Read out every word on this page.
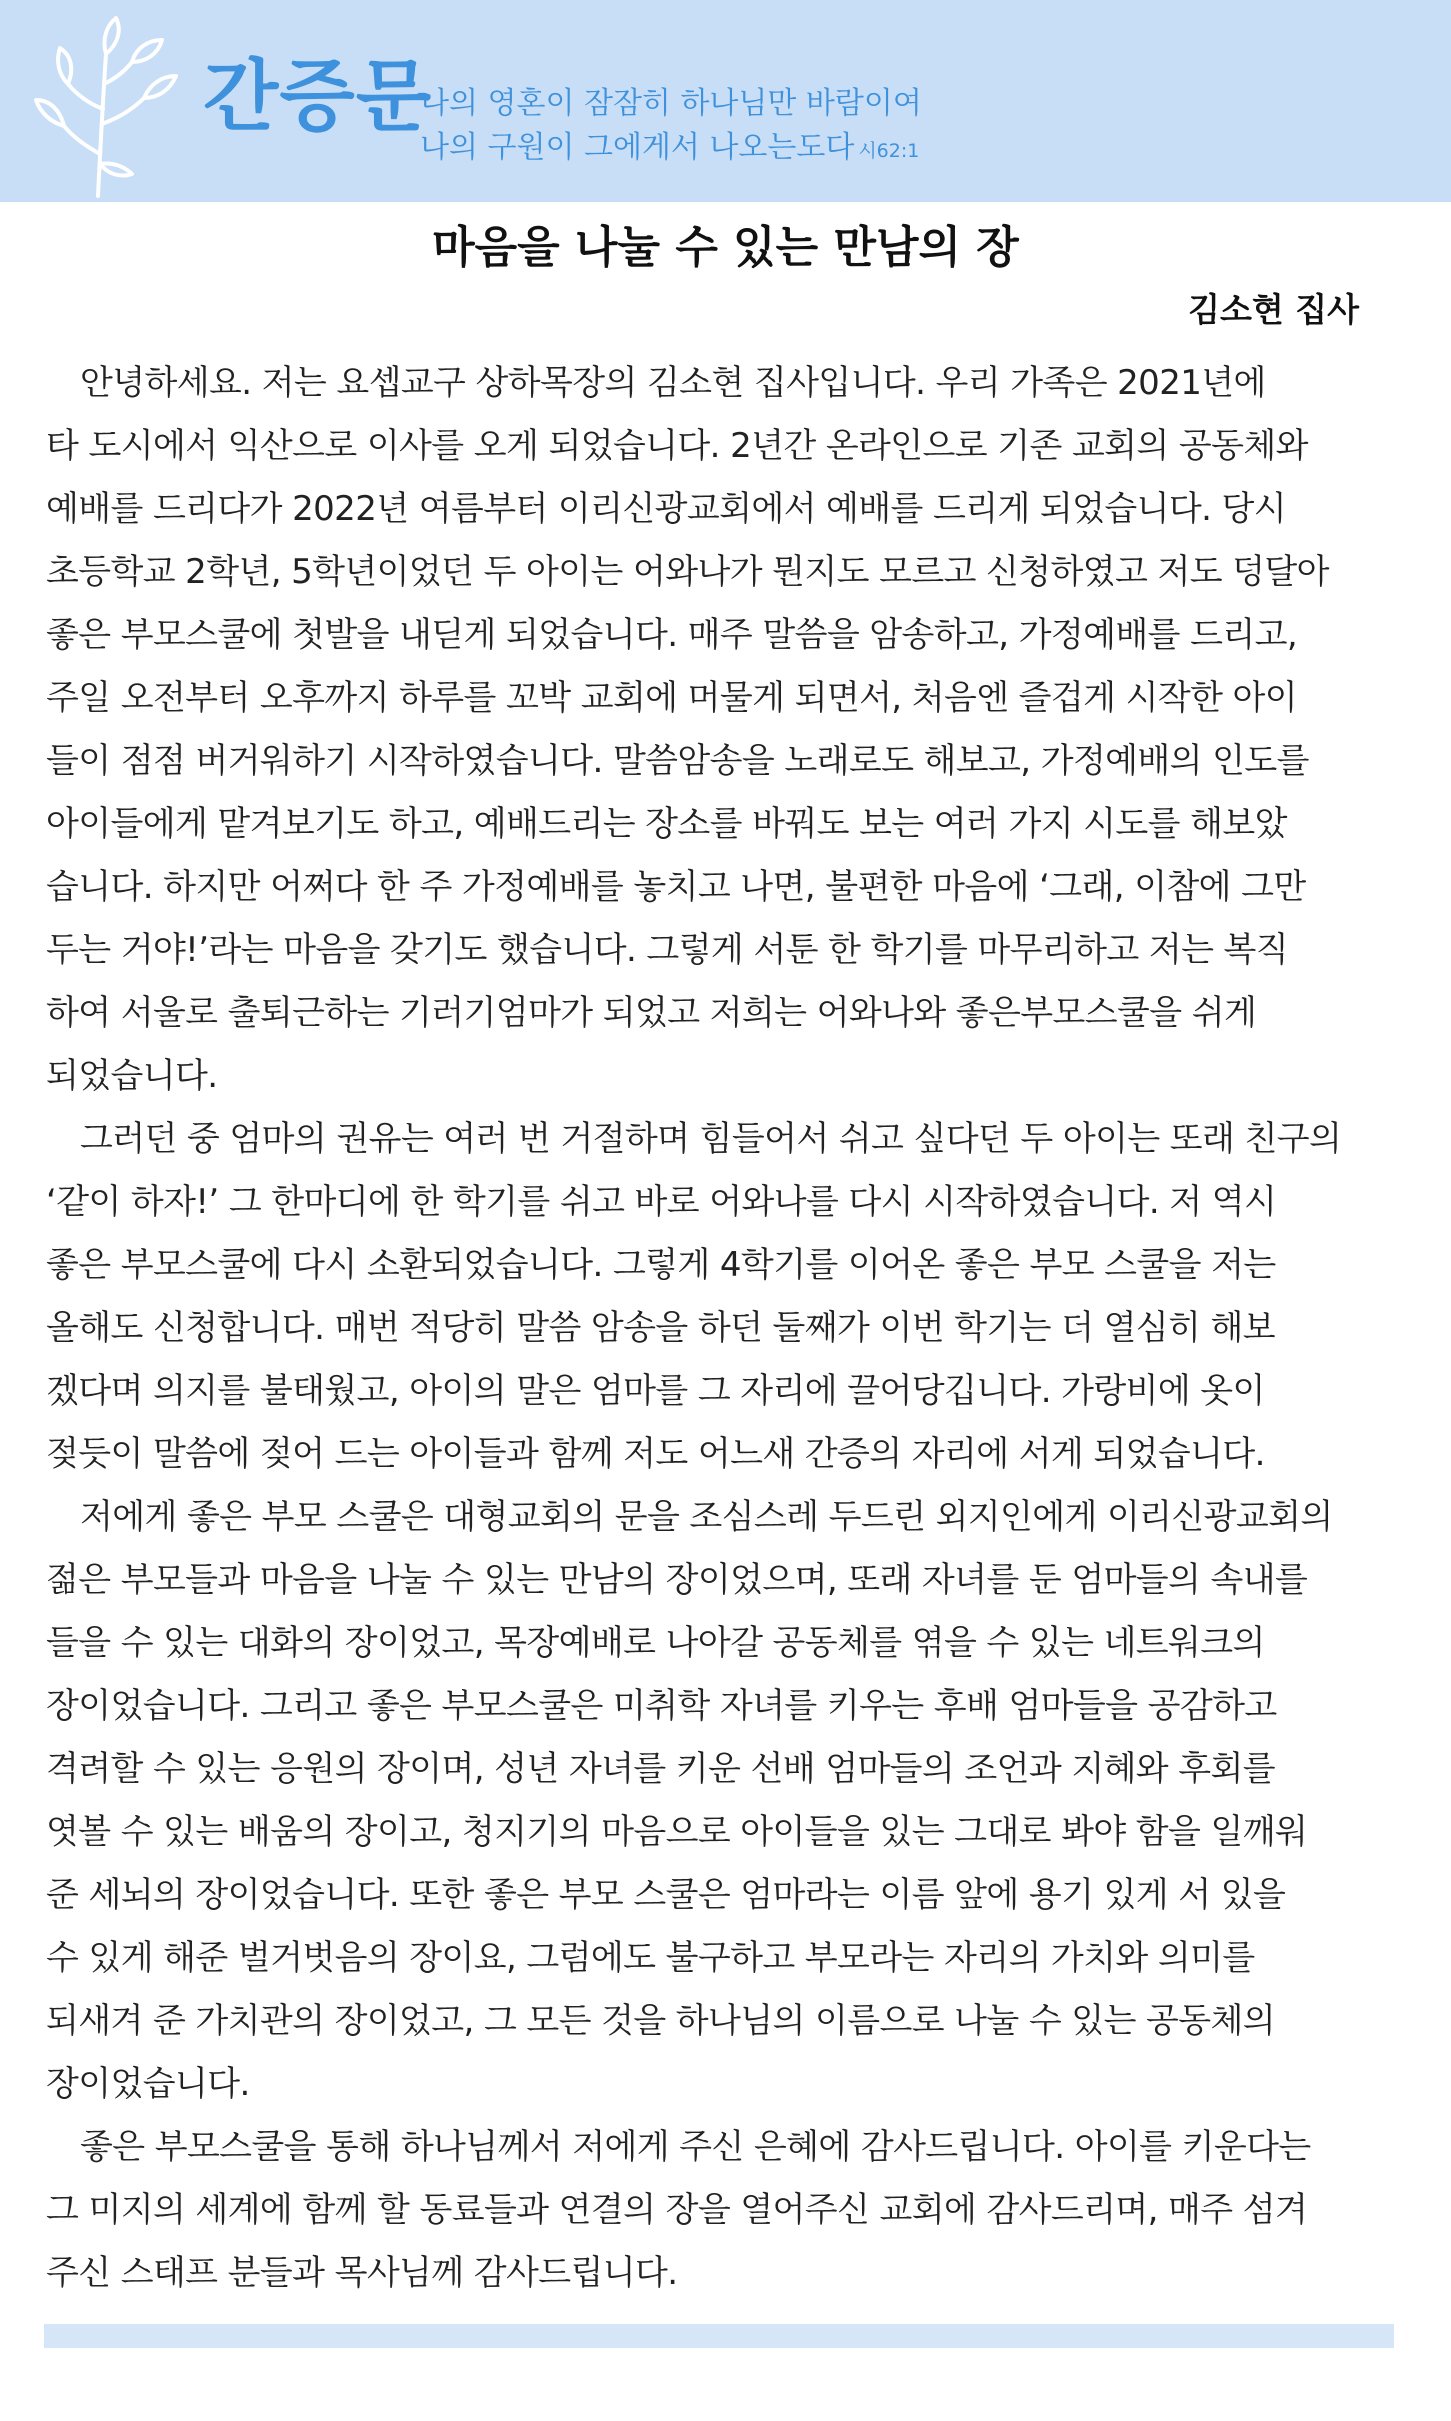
간증문
나의 영혼이 잠잠히 하나님만 바람이여
나의 구원이 그에게서 나오는도다 시62:1
마음을 나눌 수 있는 만남의 장
김소현 집사
안녕하세요. 저는 요셉교구 상하목장의 김소현 집사입니다. 우리 가족은 2021년에
타 도시에서 익산으로 이사를 오게 되었습니다. 2년간 온라인으로 기존 교회의 공동체와
예배를 드리다가 2022년 여름부터 이리신광교회에서 예배를 드리게 되었습니다. 당시
초등학교 2학년, 5학년이었던 두 아이는 어와나가 뭔지도 모르고 신청하였고 저도 덩달아
좋은 부모스쿨에 첫발을 내딛게 되었습니다. 매주 말씀을 암송하고, 가정예배를 드리고,
주일 오전부터 오후까지 하루를 꼬박 교회에 머물게 되면서, 처음엔 즐겁게 시작한 아이
들이 점점 버거워하기 시작하였습니다. 말씀암송을 노래로도 해보고, 가정예배의 인도를
아이들에게 맡겨보기도 하고, 예배드리는 장소를 바꿔도 보는 여러 가지 시도를 해보았
습니다. 하지만 어쩌다 한 주 가정예배를 놓치고 나면, 불편한 마음에 ‘그래, 이참에 그만
두는 거야!’라는 마음을 갖기도 했습니다. 그렇게 서툰 한 학기를 마무리하고 저는 복직
하여 서울로 출퇴근하는 기러기엄마가 되었고 저희는 어와나와 좋은부모스쿨을 쉬게
되었습니다.
그러던 중 엄마의 권유는 여러 번 거절하며 힘들어서 쉬고 싶다던 두 아이는 또래 친구의
‘같이 하자!’ 그 한마디에 한 학기를 쉬고 바로 어와나를 다시 시작하였습니다. 저 역시
좋은 부모스쿨에 다시 소환되었습니다. 그렇게 4학기를 이어온 좋은 부모 스쿨을 저는
올해도 신청합니다. 매번 적당히 말씀 암송을 하던 둘째가 이번 학기는 더 열심히 해보
겠다며 의지를 불태웠고, 아이의 말은 엄마를 그 자리에 끌어당깁니다. 가랑비에 옷이
젖듯이 말씀에 젖어 드는 아이들과 함께 저도 어느새 간증의 자리에 서게 되었습니다.
저에게 좋은 부모 스쿨은 대형교회의 문을 조심스레 두드린 외지인에게 이리신광교회의
젊은 부모들과 마음을 나눌 수 있는 만남의 장이었으며, 또래 자녀를 둔 엄마들의 속내를
들을 수 있는 대화의 장이었고, 목장예배로 나아갈 공동체를 엮을 수 있는 네트워크의
장이었습니다. 그리고 좋은 부모스쿨은 미취학 자녀를 키우는 후배 엄마들을 공감하고
격려할 수 있는 응원의 장이며, 성년 자녀를 키운 선배 엄마들의 조언과 지혜와 후회를
엿볼 수 있는 배움의 장이고, 청지기의 마음으로 아이들을 있는 그대로 봐야 함을 일깨워
준 세뇌의 장이었습니다. 또한 좋은 부모 스쿨은 엄마라는 이름 앞에 용기 있게 서 있을
수 있게 해준 벌거벗음의 장이요, 그럼에도 불구하고 부모라는 자리의 가치와 의미를
되새겨 준 가치관의 장이었고, 그 모든 것을 하나님의 이름으로 나눌 수 있는 공동체의
장이었습니다.
좋은 부모스쿨을 통해 하나님께서 저에게 주신 은혜에 감사드립니다. 아이를 키운다는
그 미지의 세계에 함께 할 동료들과 연결의 장을 열어주신 교회에 감사드리며, 매주 섬겨
주신 스태프 분들과 목사님께 감사드립니다.
